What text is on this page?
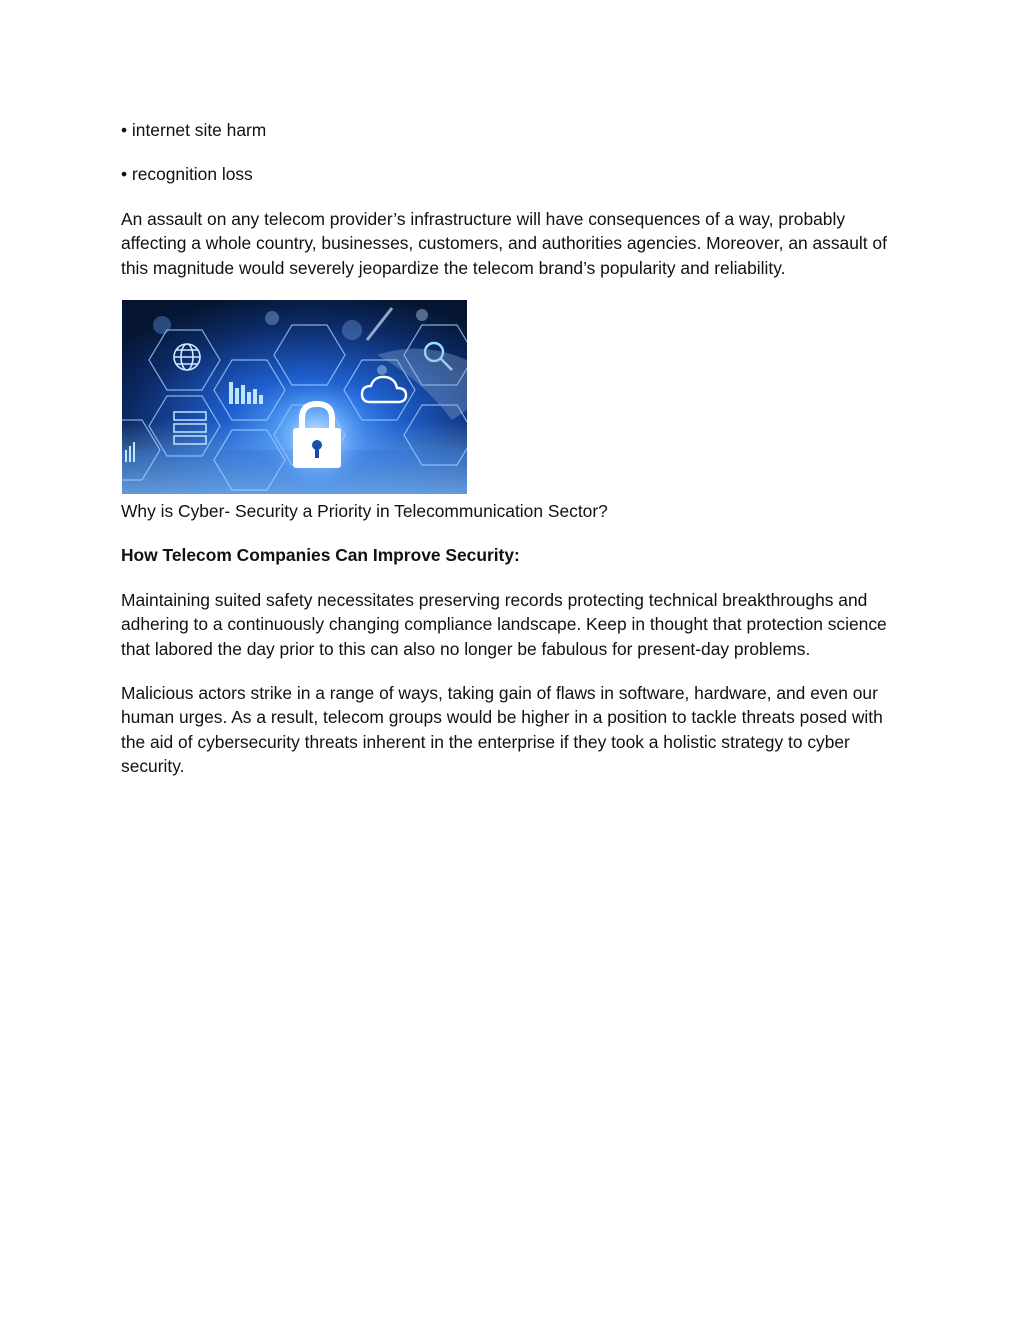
• internet site harm

• recognition loss

An assault on any telecom provider’s infrastructure will have consequences of a way, probably affecting a whole country, businesses, customers, and authorities agencies. Moreover, an assault of this magnitude would severely jeopardize the telecom brand’s popularity and reliability.

Why is Cyber- Security a Priority in Telecommunication Sector?

How Telecom Companies Can Improve Security:

Maintaining suited safety necessitates preserving records protecting technical breakthroughs and adhering to a continuously changing compliance landscape. Keep in thought that protection science that labored the day prior to this can also no longer be fabulous for present-day problems.

Malicious actors strike in a range of ways, taking gain of flaws in software, hardware, and even our human urges. As a result, telecom groups would be higher in a position to tackle threats posed with the aid of cybersecurity threats inherent in the enterprise if they took a holistic strategy to cyber security.
